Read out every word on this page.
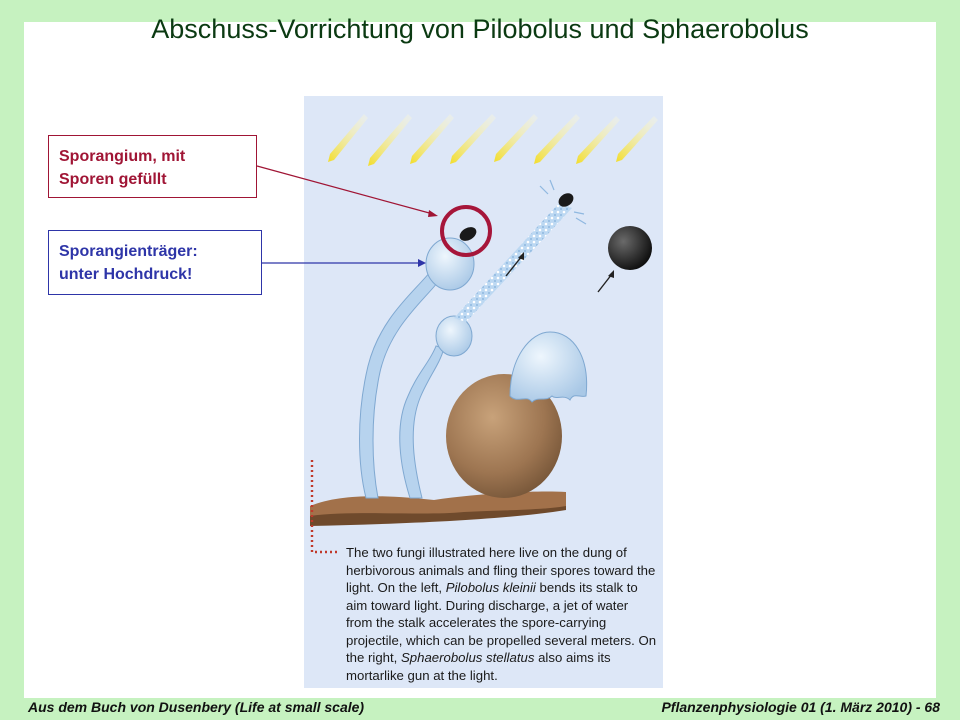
Abschuss-Vorrichtung von Pilobolus und Sphaerobolus
The two fungi illustrated here live on the dung of herbivorous animals and fling their spores toward the light. On the left, Pilobolus kleinii bends its stalk to aim toward light. During discharge, a jet of water from the stalk accelerates the spore-carrying projectile, which can be propelled several meters. On the right, Sphaerobolus stellatus also aims its mortarlike gun at the light.
Sporangium, mit
Sporen gefüllt
Sporangienträger:
unter Hochdruck!
Aus dem Buch von Dusenbery (Life at small scale)	Pflanzenphysiologie 01 (1. März 2010) - 68
